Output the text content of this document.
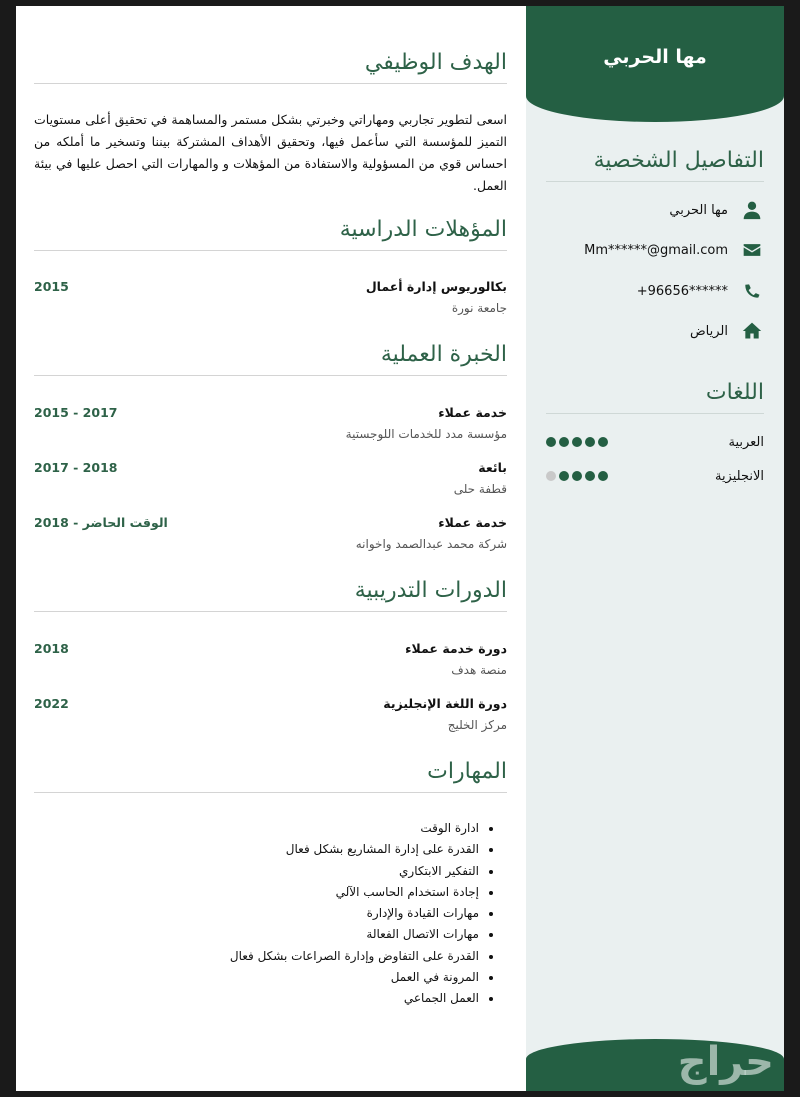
مها الحربي
التفاصيل الشخصية
مها الحربي
Mm******@gmail.com
+96656******
الرياض
اللغات
العربية
الانجليزية
حراج
الهدف الوظيفي
اسعى لتطوير تجاربي ومهاراتي وخبرتي بشكل مستمر والمساهمة في تحقيق أعلى مستويات التميز للمؤسسة التي سأعمل فيها، وتحقيق الأهداف المشتركة بيننا وتسخير ما أملكه من احساس قوي من المسؤولية والاستفادة من المؤهلات و والمهارات التي احصل عليها في بيئة العمل.
المؤهلات الدراسية
بكالوريوس إدارة أعمال
جامعة نورة
2015
الخبرة العملية
خدمة عملاء
مؤسسة مدد للخدمات اللوجستية
2015 - 2017
بائعة
قطفة حلى
2017 - 2018
خدمة عملاء
شركة محمد عبدالصمد واخوانه
2018 - الوقت الحاضر
الدورات التدريبية
دورة خدمة عملاء
منصة هدف
2018
دورة اللغة الإنجليزية
مركز الخليج
2022
المهارات
• ادارة الوقت
• القدرة على إدارة المشاريع بشكل فعال
• التفكير الابتكاري
• إجادة استخدام الحاسب الآلي
• مهارات القيادة والإدارة
• مهارات الاتصال الفعالة
• القدرة على التفاوض وإدارة الصراعات بشكل فعال
• المرونة في العمل
• العمل الجماعي
